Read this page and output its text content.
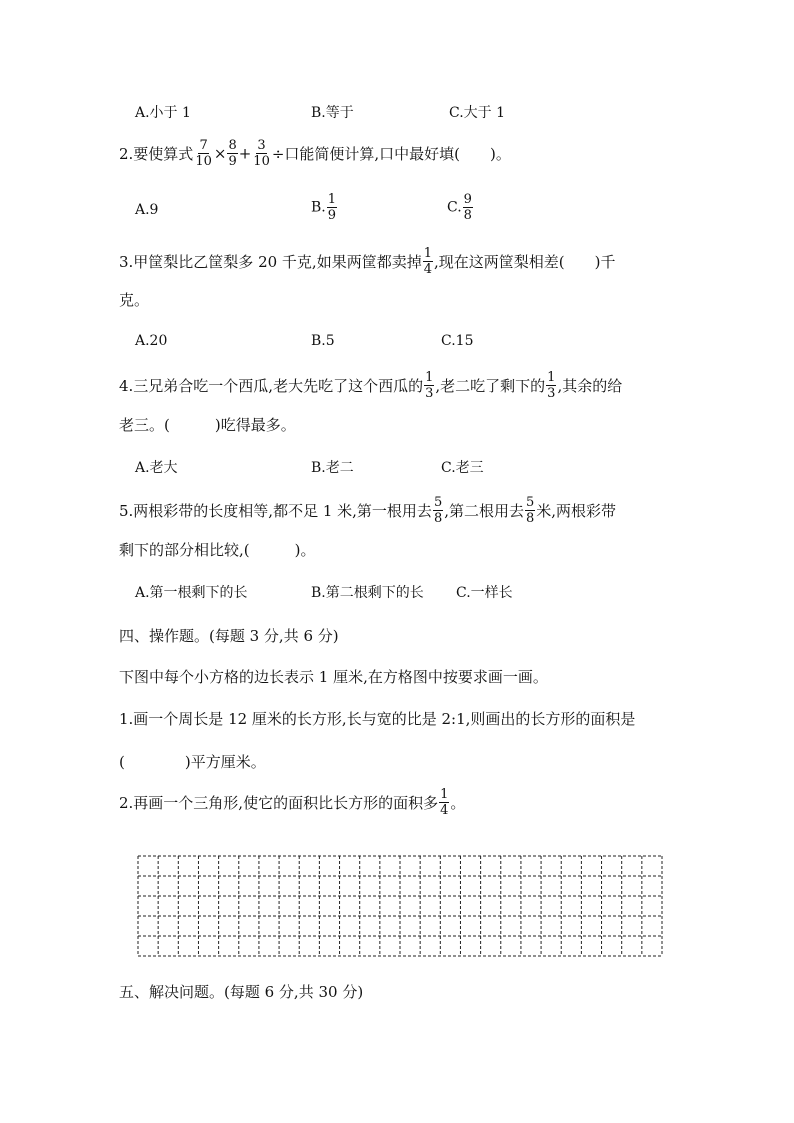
A.小于 1	B.等于	C.大于 1
2.要使算式 $\frac{7}{10} \times \frac{8}{9} + \frac{3}{10}$ ÷口能简便计算,口中最好填(　　)。
A.9	B. $\frac{1}{9}$	C. $\frac{9}{8}$
3.甲筐梨比乙筐梨多 20 千克,如果两筐都卖掉 $\frac{1}{4}$ ,现在这两筐梨相差(　　)千
克。
A.20	B.5	C.15
4.三兄弟合吃一个西瓜,老大先吃了这个西瓜的 $\frac{1}{3}$ ,老二吃了剩下的 $\frac{1}{3}$ ,其余的给
老三。(　　　)吃得最多。
A.老大	B.老二	C.老三
5.两根彩带的长度相等,都不足 1 米,第一根用去 $\frac{5}{8}$ ,第二根用去 $\frac{5}{8}$ 米,两根彩带
剩下的部分相比较,(　　　)。
A.第一根剩下的长	B.第二根剩下的长 C.一样长
四、操作题。(每题 3 分,共 6 分)
下图中每个小方格的边长表示 1 厘米,在方格图中按要求画一画。
1.画一个周长是 12 厘米的长方形,长与宽的比是 2:1,则画出的长方形的面积是
(　　　　)平方厘米。
2.再画一个三角形,使它的面积比长方形的面积多 $\frac{1}{4}$ 。
五、解决问题。(每题 6 分,共 30 分)
